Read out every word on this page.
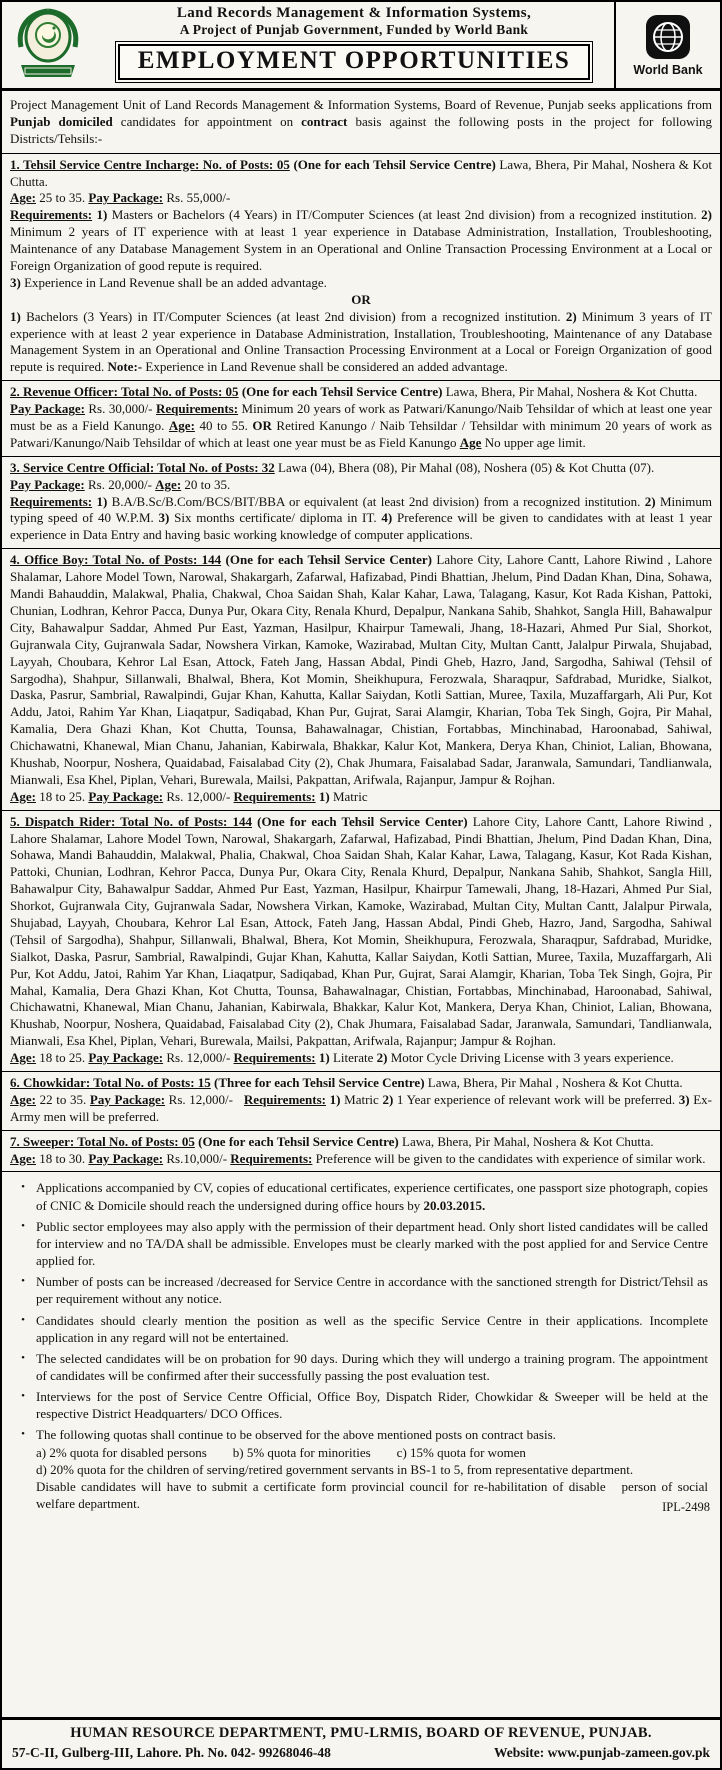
Land Records Management & Information Systems,
A Project of Punjab Government, Funded by World Bank
EMPLOYMENT OPPORTUNITIES	World Bank
Project Management Unit of Land Records Management & Information Systems, Board of Revenue, Punjab seeks applications from Punjab domiciled candidates for appointment on contract basis against the following posts in the project for following Districts/Tehsils:-

1. Tehsil Service Centre Incharge: No. of Posts: 05 (One for each Tehsil Service Centre) Lawa, Bhera, Pir Mahal, Noshera & Kot Chutta.

Age: 25 to 35. Pay Package: Rs. 55,000/-

Requirements: 1) Masters or Bachelors (4 Years) in IT/Computer Sciences (at least 2nd division) from a recognized institution. 2) Minimum 2 years of IT experience with at least 1 year experience in Database Administration, Installation, Troubleshooting, Maintenance of any Database Management System in an Operational and Online Transaction Processing Environment at a Local or Foreign Organization of good repute is required.

3) Experience in Land Revenue shall be an added advantage.

OR

1) Bachelors (3 Years) in IT/Computer Sciences (at least 2nd division) from a recognized institution. 2) Minimum 3 years of IT experience with at least 2 year experience in Database Administration, Installation, Troubleshooting, Maintenance of any Database Management System in an Operational and Online Transaction Processing Environment at a Local or Foreign Organization of good repute is required. Note:- Experience in Land Revenue shall be considered an added advantage.

2. Revenue Officer: Total No. of Posts: 05 (One for each Tehsil Service Centre) Lawa, Bhera, Pir Mahal, Noshera & Kot Chutta.

Pay Package: Rs. 30,000/- Requirements: Minimum 20 years of work as Patwari/Kanungo/Naib Tehsildar of which at least one year must be as a Field Kanungo. Age: 40 to 55. OR Retired Kanungo / Naib Tehsildar / Tehsildar with minimum 20 years of work as Patwari/Kanungo/Naib Tehsildar of which at least one year must be as Field Kanungo Age No upper age limit.

3. Service Centre Official: Total No. of Posts: 32 Lawa (04), Bhera (08), Pir Mahal (08), Noshera (05) & Kot Chutta (07).

Pay Package: Rs. 20,000/- Age: 20 to 35.

Requirements: 1) B.A/B.Sc/B.Com/BCS/BIT/BBA or equivalent (at least 2nd division) from a recognized institution. 2) Minimum typing speed of 40 W.P.M. 3) Six months certificate/ diploma in IT. 4) Preference will be given to candidates with at least 1 year experience in Data Entry and having basic working knowledge of computer applications.

4. Office Boy: Total No. of Posts: 144 (One for each Tehsil Service Center) Lahore City, Lahore Cantt, Lahore Riwind , Lahore Shalamar, Lahore Model Town, Narowal, Shakargarh, Zafarwal, Hafizabad, Pindi Bhattian, Jhelum, Pind Dadan Khan, Dina, Sohawa, Mandi Bahauddin, Malakwal, Phalia, Chakwal, Choa Saidan Shah, Kalar Kahar, Lawa, Talagang, Kasur, Kot Rada Kishan, Pattoki, Chunian, Lodhran, Kehror Pacca, Dunya Pur, Okara City, Renala Khurd, Depalpur, Nankana Sahib, Shahkot, Sangla Hill, Bahawalpur City, Bahawalpur Saddar, Ahmed Pur East, Yazman, Hasilpur, Khairpur Tamewali, Jhang, 18-Hazari, Ahmed Pur Sial, Shorkot, Gujranwala City, Gujranwala Sadar, Nowshera Virkan, Kamoke, Wazirabad, Multan City, Multan Cantt, Jalalpur Pirwala, Shujabad, Layyah, Choubara, Kehror Lal Esan, Attock, Fateh Jang, Hassan Abdal, Pindi Gheb, Hazro, Jand, Sargodha, Sahiwal (Tehsil of Sargodha), Shahpur, Sillanwali, Bhalwal, Bhera, Kot Momin, Sheikhupura, Ferozwala, Sharaqpur, Safdrabad, Muridke, Sialkot, Daska, Pasrur, Sambrial, Rawalpindi, Gujar Khan, Kahutta, Kallar Saiydan, Kotli Sattian, Muree, Taxila, Muzaffargarh, Ali Pur, Kot Addu, Jatoi, Rahim Yar Khan, Liaqatpur, Sadiqabad, Khan Pur, Gujrat, Sarai Alamgir, Kharian, Toba Tek Singh, Gojra, Pir Mahal, Kamalia, Dera Ghazi Khan, Kot Chutta, Tounsa, Bahawalnagar, Chistian, Fortabbas, Minchinabad, Haroonabad, Sahiwal, Chichawatni, Khanewal, Mian Chanu, Jahanian, Kabirwala, Bhakkar, Kalur Kot, Mankera, Derya Khan, Chiniot, Lalian, Bhowana, Khushab, Noorpur, Noshera, Quaidabad, Faisalabad City (2), Chak Jhumara, Faisalabad Sadar, Jaranwala, Samundari, Tandlianwala, Mianwali, Esa Khel, Piplan, Vehari, Burewala, Mailsi, Pakpattan, Arifwala, Rajanpur, Jampur & Rojhan.

Age: 18 to 25. Pay Package: Rs. 12,000/- Requirements: 1) Matric

5. Dispatch Rider: Total No. of Posts: 144 (One for each Tehsil Service Center) Lahore City, Lahore Cantt, Lahore Riwind , Lahore Shalamar, Lahore Model Town, Narowal, Shakargarh, Zafarwal, Hafizabad, Pindi Bhattian, Jhelum, Pind Dadan Khan, Dina, Sohawa, Mandi Bahauddin, Malakwal, Phalia, Chakwal, Choa Saidan Shah, Kalar Kahar, Lawa, Talagang, Kasur, Kot Rada Kishan, Pattoki, Chunian, Lodhran, Kehror Pacca, Dunya Pur, Okara City, Renala Khurd, Depalpur, Nankana Sahib, Shahkot, Sangla Hill, Bahawalpur City, Bahawalpur Saddar, Ahmed Pur East, Yazman, Hasilpur, Khairpur Tamewali, Jhang, 18-Hazari, Ahmed Pur Sial, Shorkot, Gujranwala City, Gujranwala Sadar, Nowshera Virkan, Kamoke, Wazirabad, Multan City, Multan Cantt, Jalalpur Pirwala, Shujabad, Layyah, Choubara, Kehror Lal Esan, Attock, Fateh Jang, Hassan Abdal, Pindi Gheb, Hazro, Jand, Sargodha, Sahiwal (Tehsil of Sargodha), Shahpur, Sillanwali, Bhalwal, Bhera, Kot Momin, Sheikhupura, Ferozwala, Sharaqpur, Safdrabad, Muridke, Sialkot, Daska, Pasrur, Sambrial, Rawalpindi, Gujar Khan, Kahutta, Kallar Saiydan, Kotli Sattian, Muree, Taxila, Muzaffargarh, Ali Pur, Kot Addu, Jatoi, Rahim Yar Khan, Liaqatpur, Sadiqabad, Khan Pur, Gujrat, Sarai Alamgir, Kharian, Toba Tek Singh, Gojra, Pir Mahal, Kamalia, Dera Ghazi Khan, Kot Chutta, Tounsa, Bahawalnagar, Chistian, Fortabbas, Minchinabad, Haroonabad, Sahiwal, Chichawatni, Khanewal, Mian Chanu, Jahanian, Kabirwala, Bhakkar, Kalur Kot, Mankera, Derya Khan, Chiniot, Lalian, Bhowana, Khushab, Noorpur, Noshera, Quaidabad, Faisalabad City (2), Chak Jhumara, Faisalabad Sadar, Jaranwala, Samundari, Tandlianwala, Mianwali, Esa Khel, Piplan, Vehari, Burewala, Mailsi, Pakpattan, Arifwala, Rajanpur; Jampur & Rojhan.

Age: 18 to 25. Pay Package: Rs. 12,000/- Requirements: 1) Literate 2) Motor Cycle Driving License with 3 years experience.

6. Chowkidar: Total No. of Posts: 15 (Three for each Tehsil Service Centre) Lawa, Bhera, Pir Mahal , Noshera & Kot Chutta.

Age: 22 to 35. Pay Package: Rs. 12,000/-   Requirements: 1) Matric 2) 1 Year experience of relevant work will be preferred. 3) Ex-Army men will be preferred.

7. Sweeper: Total No. of Posts: 05 (One for each Tehsil Service Centre) Lawa, Bhera, Pir Mahal, Noshera & Kot Chutta.

Age: 18 to 30. Pay Package: Rs.10,000/- Requirements: Preference will be given to the candidates with experience of similar work.

• Applications accompanied by CV, copies of educational certificates, experience certificates, one passport size photograph, copies of CNIC & Domicile should reach the undersigned during office hours by 20.03.2015.
• Public sector employees may also apply with the permission of their department head. Only short listed candidates will be called for interview and no TA/DA shall be admissible. Envelopes must be clearly marked with the post applied for and Service Centre applied for.
• Number of posts can be increased /decreased for Service Centre in accordance with the sanctioned strength for District/Tehsil as per requirement without any notice.
• Candidates should clearly mention the position as well as the specific Service Centre in their applications. Incomplete application in any regard will not be entertained.
• The selected candidates will be on probation for 90 days. During which they will undergo a training program. The appointment of candidates will be confirmed after their successfully passing the post evaluation test.
• Interviews for the post of Service Centre Official, Office Boy, Dispatch Rider, Chowkidar & Sweeper will be held at the respective District Headquarters/ DCO Offices.
• The following quotas shall continue to be observed for the above mentioned posts on contract basis.
a) 2% quota for disabled persons        b) 5% quota for minorities        c) 15% quota for women
d) 20% quota for the children of serving/retired government servants in BS-1 to 5, from representative department.
Disable candidates will have to submit a certificate form provincial council for re-habilitation of disable   person of social welfare department.	IPL-2498
HUMAN RESOURCE DEPARTMENT, PMU-LRMIS, BOARD OF REVENUE, PUNJAB.
57-C-II, Gulberg-III, Lahore. Ph. No. 042- 99268046-48	Website: www.punjab-zameen.gov.pk
